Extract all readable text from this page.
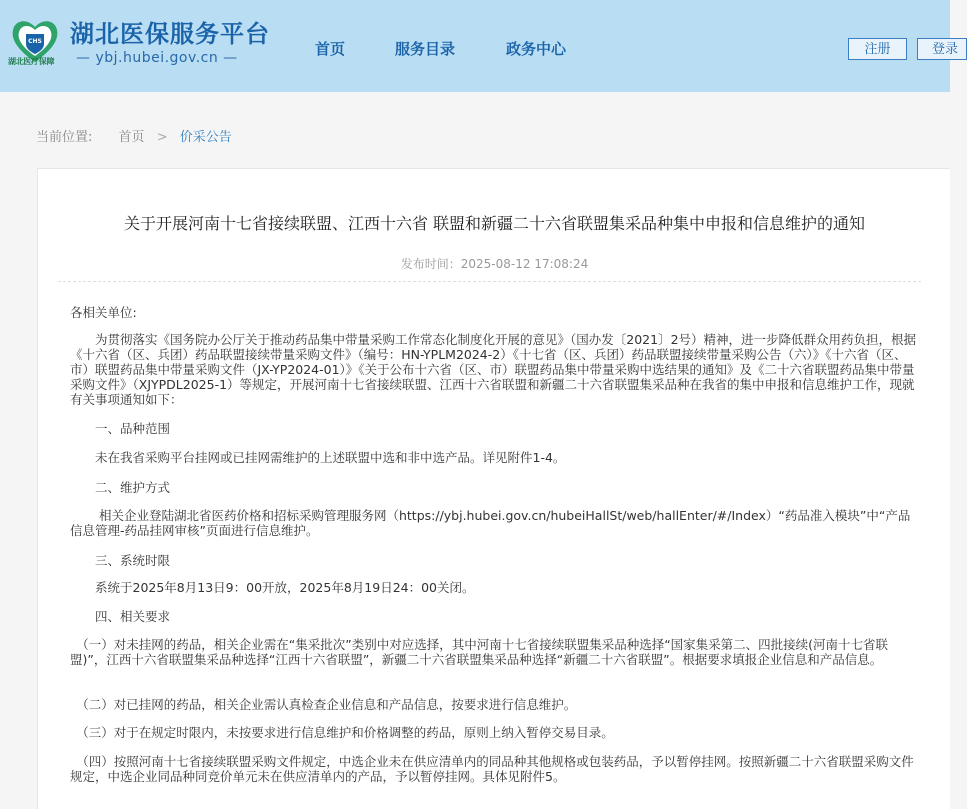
CHS
湖北医疗保障
湖北医保服务平台
— ybj.hubei.gov.cn —	首页	服务目录	政务中心	注册	登录
当前位置: 首页 > 价采公告
关于开展河南十七省接续联盟、江西十六省 联盟和新疆二十六省联盟集采品种集中申报和信息维护的通知
发布时间：2025-08-12 17:08:24
各相关单位:
　　为贯彻落实《国务院办公厅关于推动药品集中带量采购工作常态化制度化开展的意见》（国办发〔2021〕2号）精神，进一步降低群众用药负担，根据《十六省（区、兵团）药品联盟接续带量采购文件》（编号：HN-YPLM2024-2）《十七省（区、兵团）药品联盟接续带量采购公告（六）》《十六省（区、市）联盟药品集中带量采购文件（JX-YP2024-01）》《关于公布十六省（区、市）联盟药品集中带量采购中选结果的通知》及《二十六省联盟药品集中带量采购文件》（XJYPDL2025-1）等规定，开展河南十七省接续联盟、江西十六省联盟和新疆二十六省联盟集采品种在我省的集中申报和信息维护工作，现就有关事项通知如下：
　　一、品种范围
　　未在我省采购平台挂网或已挂网需维护的上述联盟中选和非中选产品。详见附件1-4。
　　二、维护方式
　　 相关企业登陆湖北省医药价格和招标采购管理服务网（https://ybj.hubei.gov.cn/hubeiHallSt/web/hallEnter/#/Index）“药品准入模块”中“产品信息管理-药品挂网审核”页面进行信息维护。
　　三、系统时限
　　系统于2025年8月13日9：00开放，2025年8月19日24：00关闭。
　　四、相关要求
　（一）对未挂网的药品，相关企业需在“集采批次”类别中对应选择，其中河南十七省接续联盟集采品种选择“国家集采第二、四批接续(河南十七省联盟)”，江西十六省联盟集采品种选择“江西十六省联盟”，新疆二十六省联盟集采品种选择“新疆二十六省联盟”。根据要求填报企业信息和产品信息。
　（二）对已挂网的药品，相关企业需认真检查企业信息和产品信息，按要求进行信息维护。
　（三）对于在规定时限内，未按要求进行信息维护和价格调整的药品，原则上纳入暂停交易目录。
　（四）按照河南十七省接续联盟采购文件规定，中选企业未在供应清单内的同品种其他规格或包装药品，予以暂停挂网。按照新疆二十六省联盟采购文件规定，中选企业同品种同竞价单元未在供应清单内的产品，予以暂停挂网。具体见附件5。
